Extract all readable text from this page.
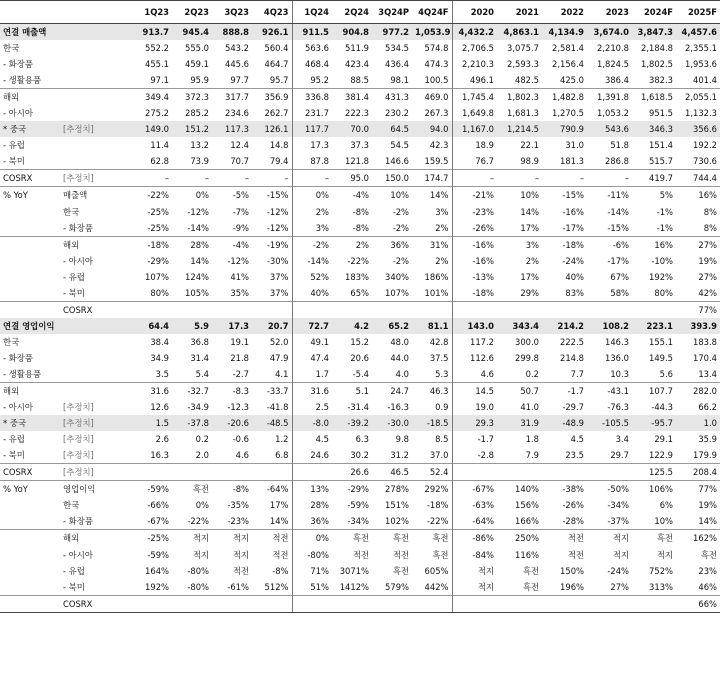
		1Q23	2Q23	3Q23	4Q23	1Q24	2Q24	3Q24P	4Q24F	2020	2021	2022	2023	2024F	2025F
연결 매출액		913.7	945.4	888.8	926.1	911.5	904.8	977.2	1,053.9	4,432.2	4,863.1	4,134.9	3,674.0	3,847.3	4,457.6
한국		552.2	555.0	543.2	560.4	563.6	511.9	534.5	574.8	2,706.5	3,075.7	2,581.4	2,210.8	2,184.8	2,355.1
- 화장품		455.1	459.1	445.6	464.7	468.4	423.4	436.4	474.3	2,210.3	2,593.3	2,156.4	1,824.5	1,802.5	1,953.6
- 생활용품		97.1	95.9	97.7	95.7	95.2	88.5	98.1	100.5	496.1	482.5	425.0	386.4	382.3	401.4
해외		349.4	372.3	317.7	356.9	336.8	381.4	431.3	469.0	1,745.4	1,802.3	1,482.8	1,391.8	1,618.5	2,055.1
- 아시아		275.2	285.2	234.6	262.7	231.7	222.3	230.2	267.3	1,649.8	1,681.3	1,270.5	1,053.2	951.5	1,132.3
* 중국	[추정치]	149.0	151.2	117.3	126.1	117.7	70.0	64.5	94.0	1,167.0	1,214.5	790.9	543.6	346.3	356.6
- 유럽		11.4	13.2	12.4	14.8	17.3	37.3	54.5	42.3	18.9	22.1	31.0	51.8	151.4	192.2
- 북미		62.8	73.9	70.7	79.4	87.8	121.8	146.6	159.5	76.7	98.9	181.3	286.8	515.7	730.6
COSRX	[추정치]	–	–	–	–	–	95.0	150.0	174.7	–	–	–	–	419.7	744.4
% YoY	매출액	-22%	0%	-5%	-15%	0%	-4%	10%	14%	-21%	10%	-15%	-11%	5%	16%
	한국	-25%	-12%	-7%	-12%	2%	-8%	-2%	3%	-23%	14%	-16%	-14%	-1%	8%
	- 화장품	-25%	-14%	-9%	-12%	3%	-8%	-2%	2%	-26%	17%	-17%	-15%	-1%	8%
	해외	-18%	28%	-4%	-19%	-2%	2%	36%	31%	-16%	3%	-18%	-6%	16%	27%
	- 아시아	-29%	14%	-12%	-30%	-14%	-22%	-2%	2%	-16%	2%	-24%	-17%	-10%	19%
	- 유럽	107%	124%	41%	37%	52%	183%	340%	186%	-13%	17%	40%	67%	192%	27%
	- 북미	80%	105%	35%	37%	40%	65%	107%	101%	-18%	29%	83%	58%	80%	42%
	COSRX														77%
연결 영업이익		64.4	5.9	17.3	20.7	72.7	4.2	65.2	81.1	143.0	343.4	214.2	108.2	223.1	393.9
한국		38.4	36.8	19.1	52.0	49.1	15.2	48.0	42.8	117.2	300.0	222.5	146.3	155.1	183.8
- 화장품		34.9	31.4	21.8	47.9	47.4	20.6	44.0	37.5	112.6	299.8	214.8	136.0	149.5	170.4
- 생활용품		3.5	5.4	-2.7	4.1	1.7	-5.4	4.0	5.3	4.6	0.2	7.7	10.3	5.6	13.4
해외		31.6	-32.7	-8.3	-33.7	31.6	5.1	24.7	46.3	14.5	50.7	-1.7	-43.1	107.7	282.0
- 아시아	[추정치]	12.6	-34.9	-12.3	-41.8	2.5	-31.4	-16.3	0.9	19.0	41.0	-29.7	-76.3	-44.3	66.2
* 중국	[추정치]	1.5	-37.8	-20.6	-48.5	-8.0	-39.2	-30.0	-18.5	29.3	31.9	-48.9	-105.5	-95.7	1.0
- 유럽	[추정치]	2.6	0.2	-0.6	1.2	4.5	6.3	9.8	8.5	-1.7	1.8	4.5	3.4	29.1	35.9
- 북미	[추정치]	16.3	2.0	4.6	6.8	24.6	30.2	31.2	37.0	-2.8	7.9	23.5	29.7	122.9	179.9
COSRX	[추정치]						26.6	46.5	52.4					125.5	208.4
% YoY	영업이익	-59%	흑전	-8%	-64%	13%	-29%	278%	292%	-67%	140%	-38%	-50%	106%	77%
	한국	-66%	0%	-35%	17%	28%	-59%	151%	-18%	-63%	156%	-26%	-34%	6%	19%
	- 화장품	-67%	-22%	-23%	14%	36%	-34%	102%	-22%	-64%	166%	-28%	-37%	10%	14%
	해외	-25%	적지	적지	적전	0%	흑전	흑전	흑전	-86%	250%	적전	적지	흑전	162%
	- 아시아	-59%	적지	적지	적전	-80%	적전	적전	흑전	-84%	116%	적전	적지	적지	흑전
	- 유럽	164%	-80%	적전	-8%	71%	3071%	흑전	605%	적지	흑전	150%	-24%	752%	23%
	- 북미	192%	-80%	-61%	512%	51%	1412%	579%	442%	적지	흑전	196%	27%	313%	46%
	COSRX														66%
